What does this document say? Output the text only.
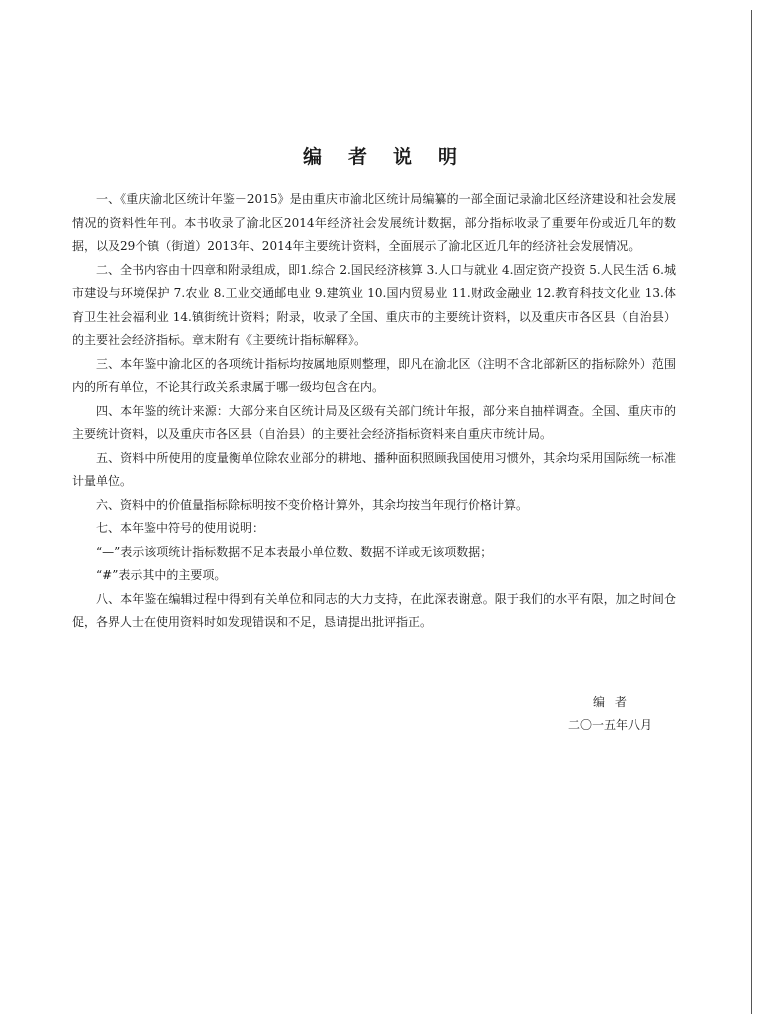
编者说明

一、《重庆渝北区统计年鉴－2015》是由重庆市渝北区统计局编纂的一部全面记录渝北区经济建设和社会发展情况的资料性年刊。本书收录了渝北区2014年经济社会发展统计数据，部分指标收录了重要年份或近几年的数据，以及29个镇（街道）2013年、2014年主要统计资料，全面展示了渝北区近几年的经济社会发展情况。

二、全书内容由十四章和附录组成，即1.综合 2.国民经济核算 3.人口与就业 4.固定资产投资 5.人民生活 6.城市建设与环境保护 7.农业 8.工业交通邮电业 9.建筑业 10.国内贸易业 11.财政金融业 12.教育科技文化业 13.体育卫生社会福利业 14.镇街统计资料；附录，收录了全国、重庆市的主要统计资料，以及重庆市各区县（自治县）的主要社会经济指标。章末附有《主要统计指标解释》。

三、本年鉴中渝北区的各项统计指标均按属地原则整理，即凡在渝北区（注明不含北部新区的指标除外）范围内的所有单位，不论其行政关系隶属于哪一级均包含在内。

四、本年鉴的统计来源：大部分来自区统计局及区级有关部门统计年报，部分来自抽样调查。全国、重庆市的主要统计资料，以及重庆市各区县（自治县）的主要社会经济指标资料来自重庆市统计局。

五、资料中所使用的度量衡单位除农业部分的耕地、播种面积照顾我国使用习惯外，其余均采用国际统一标准计量单位。

六、资料中的价值量指标除标明按不变价格计算外，其余均按当年现行价格计算。

七、本年鉴中符号的使用说明：

“—”表示该项统计指标数据不足本表最小单位数、数据不详或无该项数据；

“#”表示其中的主要项。

八、本年鉴在编辑过程中得到有关单位和同志的大力支持，在此深表谢意。限于我们的水平有限，加之时间仓促，各界人士在使用资料时如发现错误和不足，恳请提出批评指正。

编者
二〇一五年八月
